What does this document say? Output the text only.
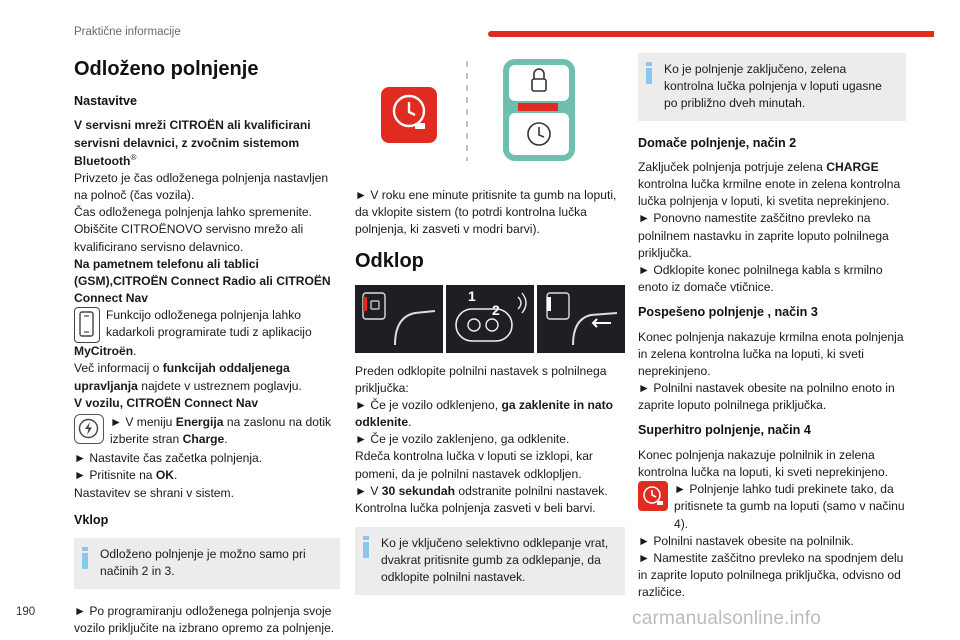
Praktične informacije
Odloženo polnjenje
Nastavitve

V servisni mreži CITROËN ali kvalificirani servisni delavnici, z zvočnim sistemom Bluetooth®

Privzeto je čas odloženega polnjenja nastavljen na polnoč (čas vozila).

Čas odloženega polnjenja lahko spremenite.

Obiščite CITROËNOVO servisno mrežo ali kvalificirano servisno delavnico.

Na pametnem telefonu ali tablici (GSM),CITROËN Connect Radio ali CITROËN Connect Nav

Funkcijo odloženega polnjenja lahko kadarkoli programirate tudi z aplikacijo

MyCitroën.

Več informacij o funkcijah oddaljenega upravljanja najdete v ustreznem poglavju.

V vozilu, CITROËN Connect Nav

► V meniju Energija na zaslonu na dotik izberite stran Charge.

► Nastavite čas začetka polnjenja.

► Pritisnite na OK.

Nastavitev se shrani v sistem.

Vklop

Odloženo polnjenje je možno samo pri načinih 2 in 3.

► Po programiranju odloženega polnjenja svoje vozilo priključite na izbrano opremo za polnjenje.

► V roku ene minute pritisnite ta gumb na loputi, da vklopite sistem (to potrdi kontrolna lučka polnjenja, ki zasveti v modri barvi).

Odklop
1
2

Preden odklopite polnilni nastavek s polnilnega priključka:

► Če je vozilo odklenjeno, ga zaklenite in nato odklenite.

► Če je vozilo zaklenjeno, ga odklenite.

Rdeča kontrolna lučka v loputi se izklopi, kar pomeni, da je polnilni nastavek odklopljen.

► V 30 sekundah odstranite polnilni nastavek.

Kontrolna lučka polnjenja zasveti v beli barvi.

Ko je vključeno selektivno odklepanje vrat, dvakrat pritisnite gumb za odklepanje, da odklopite polnilni nastavek.

Ko je polnjenje zaključeno, zelena kontrolna lučka polnjenja v loputi ugasne po približno dveh minutah.

Domače polnjenje, način 2

Zaključek polnjenja potrjuje zelena CHARGE kontrolna lučka krmilne enote in zelena kontrolna lučka polnjenja v loputi, ki svetita neprekinjeno.

► Ponovno namestite zaščitno prevleko na polnilnem nastavku in zaprite loputo polnilnega priključka.

► Odklopite konec polnilnega kabla s krmilno enoto iz domače vtičnice.

Pospešeno polnjenje , način 3

Konec polnjenja nakazuje krmilna enota polnjenja in zelena kontrolna lučka na loputi, ki sveti neprekinjeno.

► Polnilni nastavek obesite na polnilno enoto in zaprite loputo polnilnega priključka.

Superhitro polnjenje, način 4

Konec polnjenja nakazuje polnilnik in zelena kontrolna lučka na loputi, ki sveti neprekinjeno.

► Polnjenje lahko tudi prekinete tako, da pritisnete ta gumb na loputi (samo v načinu 4).

► Polnilni nastavek obesite na polnilnik.

► Namestite zaščitno prevleko na spodnjem delu in zaprite loputo polnilnega priključka, odvisno od različice.

190	carmanualsonline.info
